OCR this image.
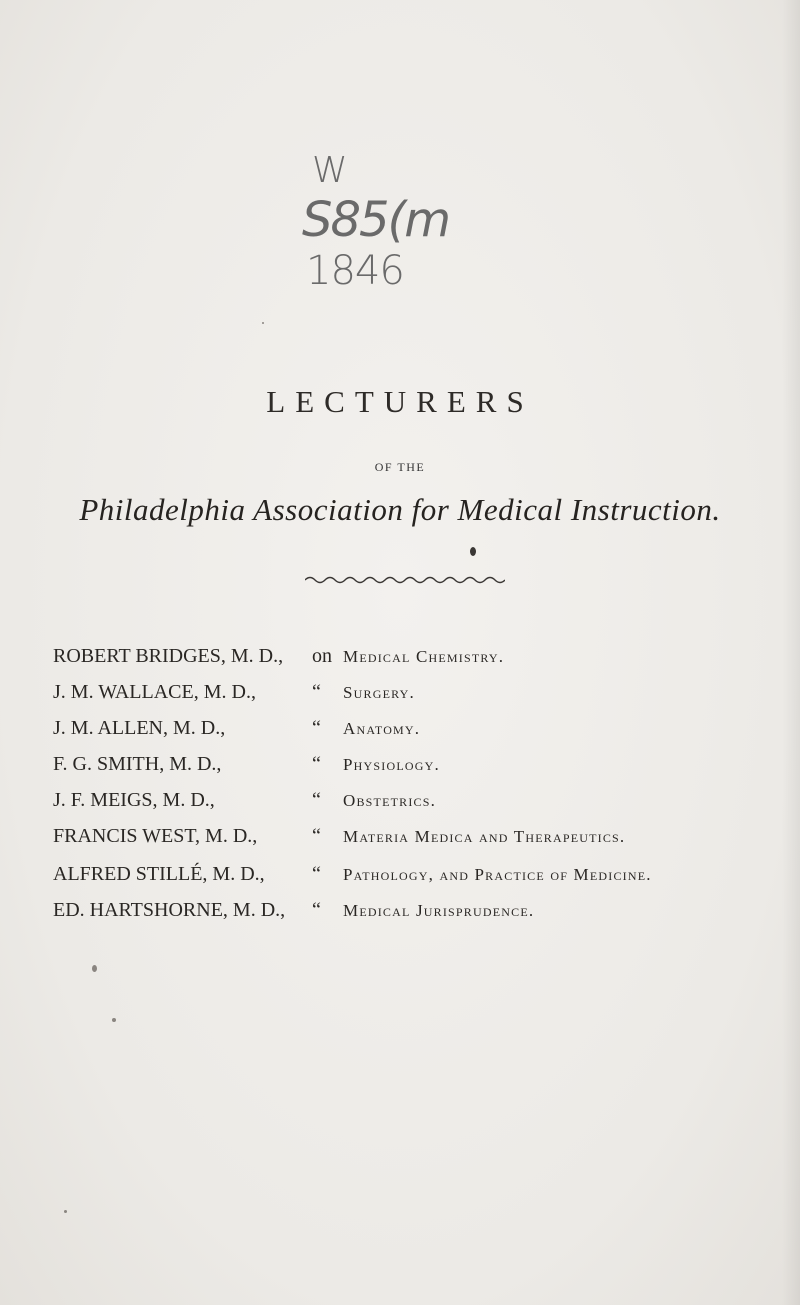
W
S85(m
1846
LECTURERS
OF THE
Philadelphia Association for Medical Instruction.
ROBERT BRIDGES, M. D., on Medical Chemistry.
J. M. WALLACE, M. D.,	“ Surgery.
J. M. ALLEN, M. D.,	“ Anatomy.
F. G. SMITH, M. D.,	“ Physiology.
J. F. MEIGS, M. D.,	“ Obstetrics.
FRANCIS WEST, M. D.,	“ Materia Medica and Therapeutics.
ALFRED STILLÉ, M. D., “ Pathology, and Practice of Medicine.
ED. HARTSHORNE, M. D., “ Medical Jurisprudence.
